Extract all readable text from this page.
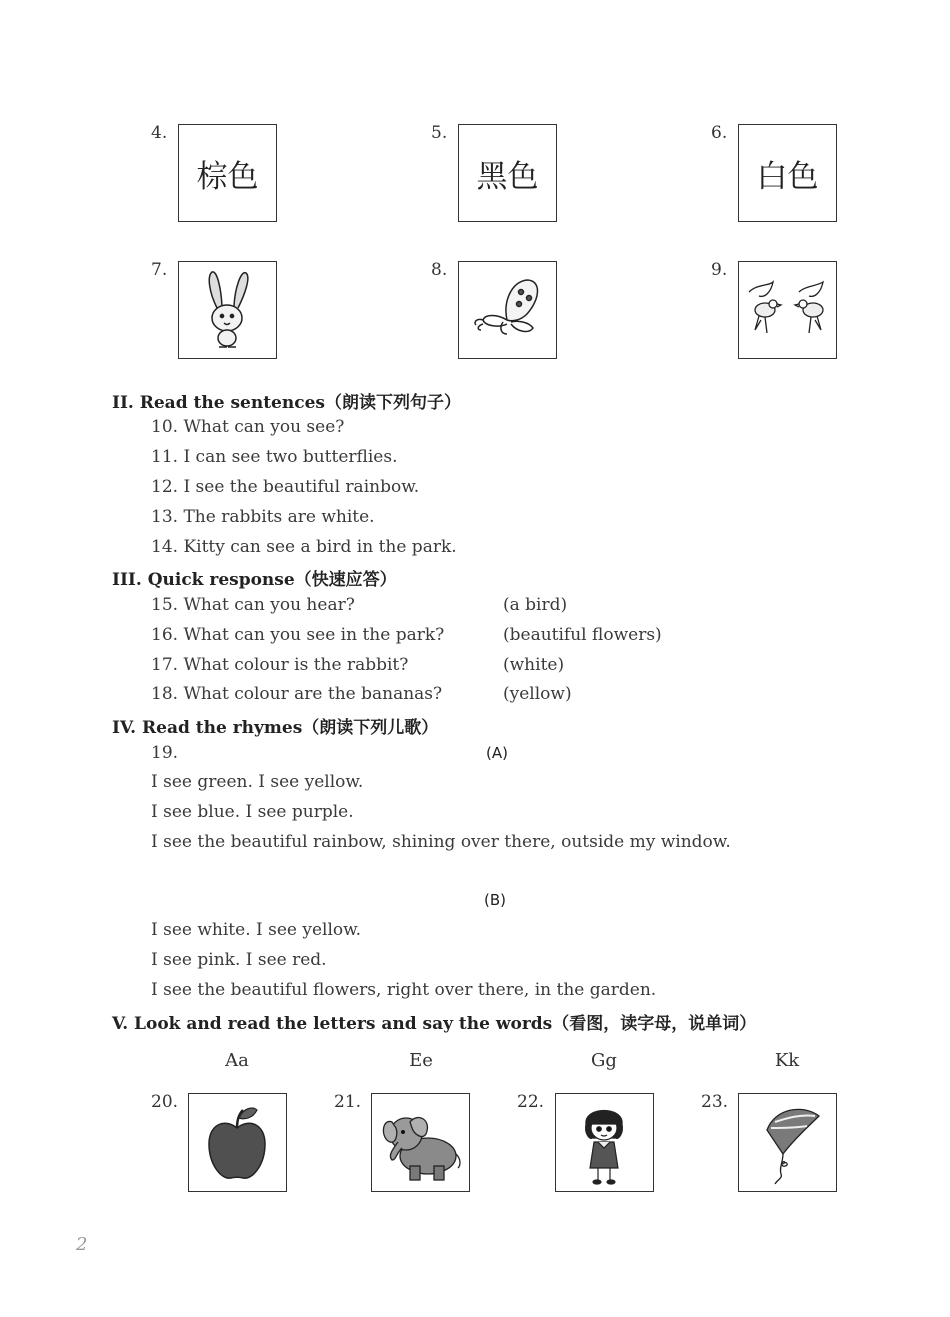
4.
棕色
5.
黑色
6.
白色
7.	8.	9.
II. Read the sentences（朗读下列句子）
10. What can you see?
11. I can see two butterflies.
12. I see the beautiful rainbow.
13. The rabbits are white.
14. Kitty can see a bird in the park.
III. Quick response（快速应答）
15. What can you hear?	(a bird)
16. What can you see in the park?	(beautiful flowers)
17. What colour is the rabbit?	(white)
18. What colour are the bananas?	(yellow)
IV. Read the rhymes（朗读下列儿歌）
19.	(A)
I see green. I see yellow.
I see blue. I see purple.
I see the beautiful rainbow, shining over there, outside my window.
(B)
I see white. I see yellow.
I see pink. I see red.
I see the beautiful flowers, right over there, in the garden.
V. Look and read the letters and say the words（看图，读字母，说单词）
Aa	Ee	Gg	Kk
20.	21.	22.	23.
2
